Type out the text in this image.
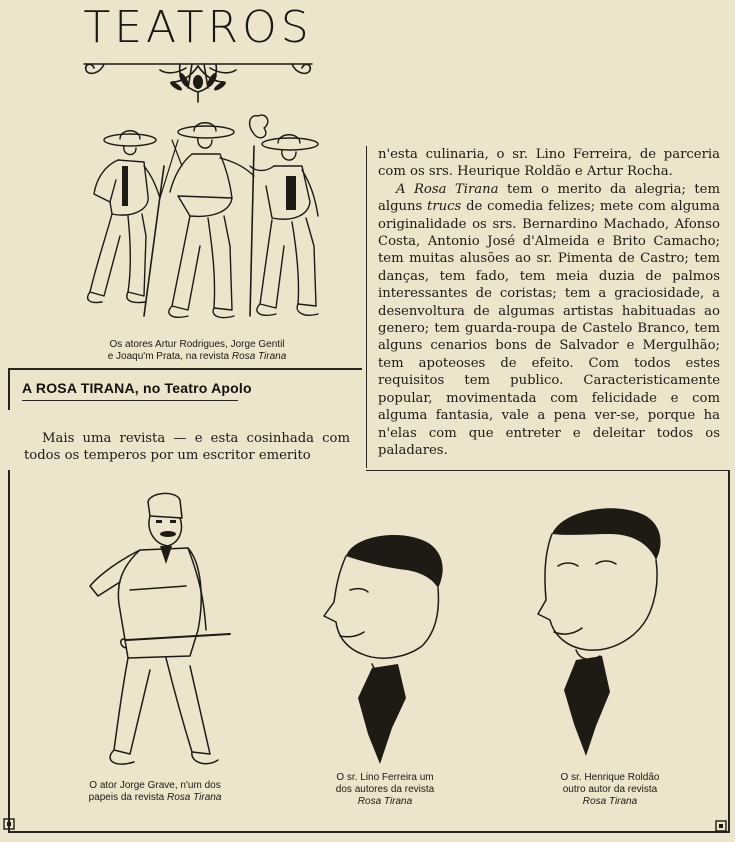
TEATROS
Os atores Artur Rodrigues, Jorge Gentil
e Joaqu'm Prata, na revista Rosa Tirana

n'esta culinaria, o sr. Lino Ferreira, de parceria com os srs. Heurique Roldão e Artur Rocha.

A Rosa Tirana tem o merito da alegria; tem alguns trucs de comedia felizes; mete com alguma originalidade os srs. Bernardino Machado, Afonso Costa, Antonio José d'Almeida e Brito Camacho; tem muitas alusões ao sr. Pimenta de Castro; tem danças, tem fado, tem meia duzia de palmos interessantes de coristas; tem a graciosidade, a desenvoltura de algumas artistas habituadas ao genero; tem guarda-roupa de Castelo Branco, tem alguns cenarios bons de Salvador e Mergulhão; tem apoteoses de efeito. Com todos estes requisitos tem publico. Caracteristicamente popular, movimentada com felicidade e com alguma fantasia, vale a pena ver-se, porque ha n'elas com que entreter e deleitar todos os paladares.

A ROSA TIRANA, no Teatro Apolo
Mais uma revista — e esta cosinhada com todos os temperos por um escritor emerito
O ator Jorge Grave, n'um dos
papeis da revista Rosa Tirana
O sr. Lino Ferreira um
dos autores da revista
Rosa Tirana
O sr. Henrique Roldão
outro autor da revista
Rosa Tirana
